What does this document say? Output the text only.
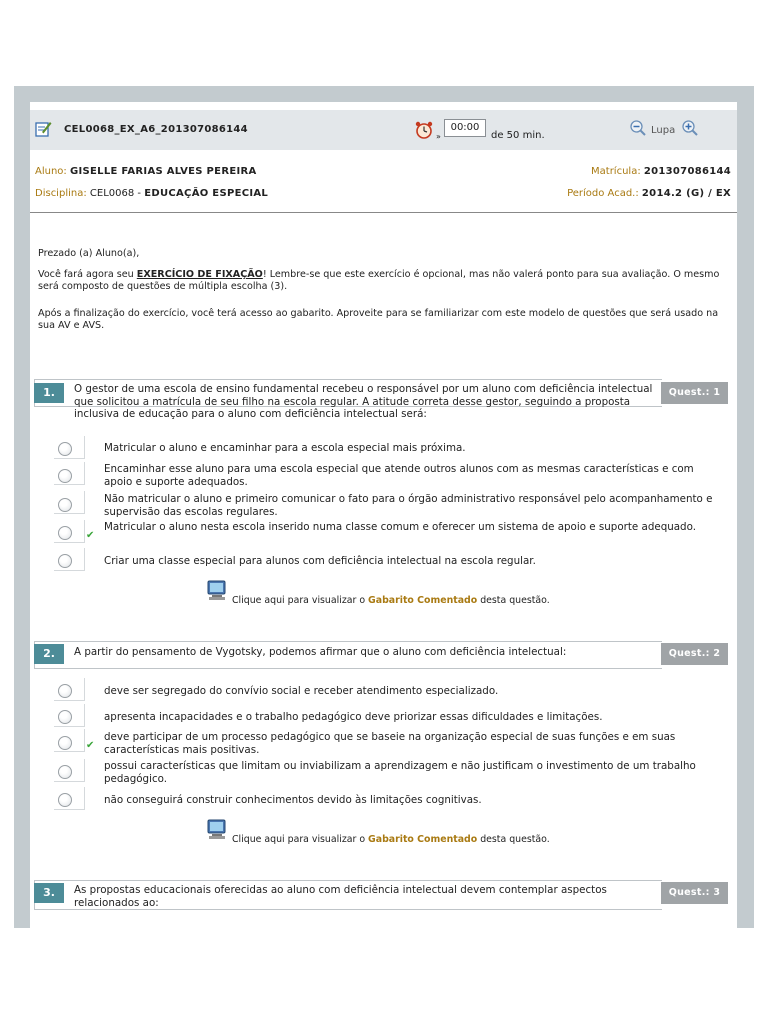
CEL0068_EX_A6_201307086144
»
00:00
de 50 min.	Lupa
Aluno: GISELLE FARIAS ALVES PEREIRA	Matrícula: 201307086144
Disciplina: CEL0068 - EDUCAÇÃO ESPECIAL	Período Acad.: 2014.2 (G) / EX
Prezado (a) Aluno(a),
Você fará agora seu EXERCÍCIO DE FIXAÇÃO! Lembre-se que este exercício é opcional, mas não valerá ponto para sua avaliação. O mesmo será composto de questões de múltipla escolha (3).
Após a finalização do exercício, você terá acesso ao gabarito. Aproveite para se familiarizar com este modelo de questões que será usado na sua AV e AVS.
1.	O gestor de uma escola de ensino fundamental recebeu o responsável por um aluno com deficiência intelectual que solicitou a matrícula de seu filho na escola regular. A atitude correta desse gestor, seguindo a proposta inclusiva de educação para o aluno com deficiência intelectual será:
Quest.: 1
Matricular o aluno e encaminhar para a escola especial mais próxima.
Encaminhar esse aluno para uma escola especial que atende outros alunos com as mesmas características e com apoio e suporte adequados.
Não matricular o aluno e primeiro comunicar o fato para o órgão administrativo responsável pelo acompanhamento e supervisão das escolas regulares.
✔
Matricular o aluno nesta escola inserido numa classe comum e oferecer um sistema de apoio e suporte adequado.
Criar uma classe especial para alunos com deficiência intelectual na escola regular.
Clique aqui para visualizar o Gabarito Comentado desta questão.
2.	A partir do pensamento de Vygotsky, podemos afirmar que o aluno com deficiência intelectual:	Quest.: 2
deve ser segregado do convívio social e receber atendimento especializado.
apresenta incapacidades e o trabalho pedagógico deve priorizar essas dificuldades e limitações.
✔
deve participar de um processo pedagógico que se baseie na organização especial de suas funções e em suas características mais positivas.
possui características que limitam ou inviabilizam a aprendizagem e não justificam o investimento de um trabalho pedagógico.
não conseguirá construir conhecimentos devido às limitações cognitivas.
Clique aqui para visualizar o Gabarito Comentado desta questão.
3.	As propostas educacionais oferecidas ao aluno com deficiência intelectual devem contemplar aspectos relacionados ao:
Quest.: 3
